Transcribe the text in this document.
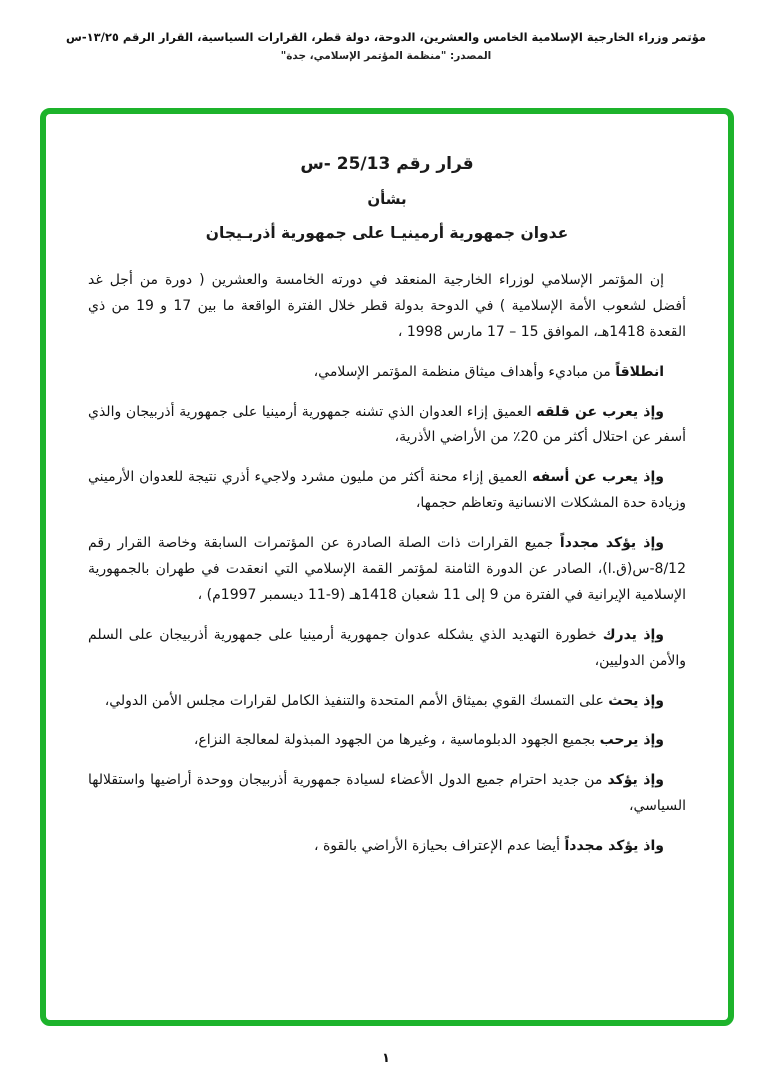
مؤتمر وزراء الخارجية الإسلامية الخامس والعشرين، الدوحة، دولة قطر، القرارات السياسية، القرار الرقم ١٣/٢٥-س
المصدر: "منظمة المؤتمر الإسلامي، جدة"
قرار رقم 25/13 -س
بشأن
عدوان جمهورية أرمينيـا على جمهورية أذربـيجان

إن المؤتمر الإسلامي لوزراء الخارجية المنعقد في دورته الخامسة والعشرين ( دورة من أجل غد أفضل لشعوب الأمة الإسلامية ) في الدوحة بدولة قطر خلال الفترة الواقعة ما بين 17 و 19 من ذي القعدة 1418هـ، الموافق 15 – 17 مارس 1998 ،

انطلاقاً من مباديء وأهداف ميثاق منظمة المؤتمر الإسلامي،

وإذ يعرب عن قلقه العميق إزاء العدوان الذي تشنه جمهورية أرمينيا على جمهورية أذربيجان والذي أسفر عن احتلال أكثر من 20٪ من الأراضي الأذرية،

وإذ يعرب عن أسفه العميق إزاء محنة أكثر من مليون مشرد ولاجيء أذري نتيجة للعدوان الأرميني وزيادة حدة المشكلات الانسانية وتعاظم حجمها،

وإذ يؤكد مجدداً جميع القرارات ذات الصلة الصادرة عن المؤتمرات السابقة وخاصة القرار رقم 8/12-س(ق.ا)، الصادر عن الدورة الثامنة لمؤتمر القمة الإسلامي التي انعقدت في طهران بالجمهورية الإسلامية الإيرانية في الفترة من 9 إلى 11 شعبان 1418هـ (9-11 ديسمبر 1997م) ،

وإذ يدرك خطورة التهديد الذي يشكله عدوان جمهورية أرمينيا على جمهورية أذربيجان على السلم والأمن الدوليين،

وإذ يحث على التمسك القوي بميثاق الأمم المتحدة والتنفيذ الكامل لقرارات مجلس الأمن الدولي،

وإذ يرحب بجميع الجهود الدبلوماسية ، وغيرها من الجهود المبذولة لمعالجة النزاع،

وإذ يؤكد من جديد احترام جميع الدول الأعضاء لسيادة جمهورية أذربيجان ووحدة أراضيها واستقلالها السياسي،

واذ يؤكد مجدداً أيضا عدم الإعتراف بحيازة الأراضي بالقوة ،

١
